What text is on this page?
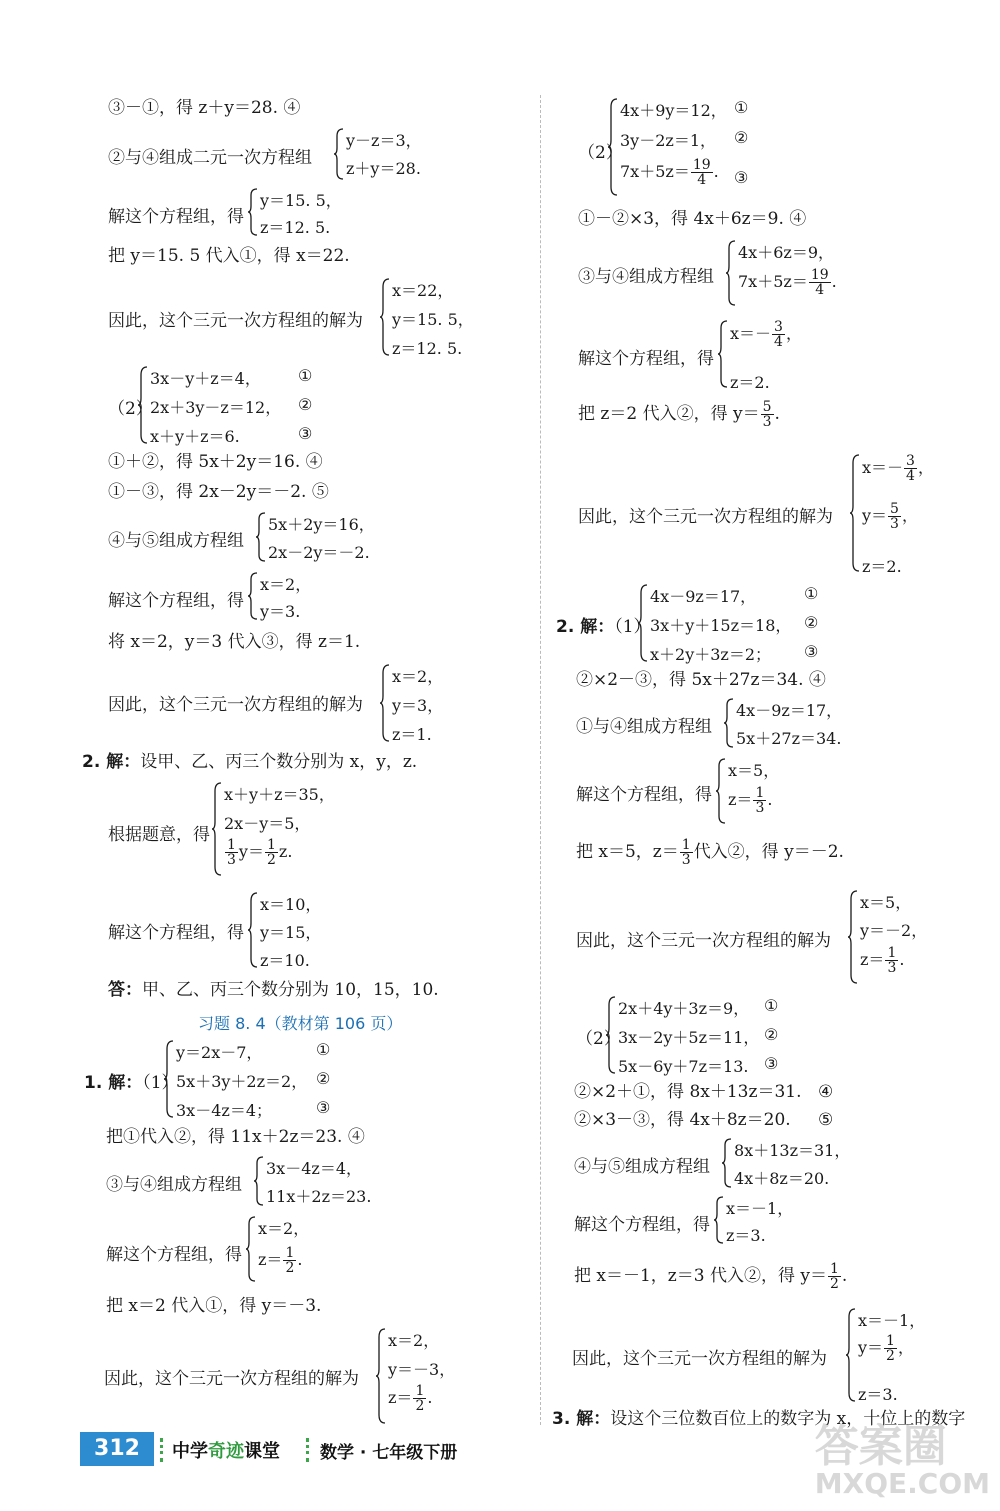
③－①，得 z＋y＝28. ④
②与④组成二元一次方程组
y－z＝3，
z＋y＝28.
解这个方程组，得
y＝15. 5，
z＝12. 5.
把 y＝15. 5 代入①，得 x＝22.
因此，这个三元一次方程组的解为
x＝22，
y＝15. 5，
z＝12. 5.
（2）
3x－y＋z＝4，
2x＋3y－z＝12，
x＋y＋z＝6.
①
②
③
①＋②，得 5x＋2y＝16. ④
①－③，得 2x－2y＝－2. ⑤
④与⑤组成方程组
5x＋2y＝16，
2x－2y＝－2.
解这个方程组，得
x＝2，
y＝3.
将 x＝2，y＝3 代入③，得 z＝1.
因此，这个三元一次方程组的解为
x＝2，
y＝3，
z＝1.
2. 解：设甲、乙、丙三个数分别为 x，y，z.
根据题意，得
x＋y＋z＝35，
2x－y＝5，
$\frac{1}{3} y= \frac{1}{2} z$.
解这个方程组，得
x＝10，
y＝15，
z＝10.
答：甲、乙、丙三个数分别为 10，15，10.
习题 8. 4（教材第 106 页）
1. 解：（1）
y＝2x－7，
5x＋3y＋2z＝2，
3x－4z＝4；
①
②
③
把①代入②，得 11x＋2z＝23. ④
③与④组成方程组
3x－4z＝4，
11x＋2z＝23.
解这个方程组，得
x＝2，
$z= \frac{1}{2}$ .
把 x＝2 代入①，得 y＝－3.
因此，这个三元一次方程组的解为
x＝2，
y＝－3，
$z= \frac{1}{2}$ .
（2）
4x＋9y＝12，
3y－2z＝1，
$7x+5z= \frac{19}{4}$ .
①
②
③
①－②×3，得 4x＋6z＝9. ④
③与④组成方程组
4x＋6z＝9，
$7x+5z= \frac{19}{4}$ .
解这个方程组，得
$x=- \frac{3}{4}$ ，
z＝2.
把 z＝2 代入②，得 $y= \frac{5}{3}$ .
因此，这个三元一次方程组的解为
$x=- \frac{3}{4}$ ，
$y= \frac{5}{3}$ ，
z＝2.
2. 解：（1）
4x－9z＝17，
3x＋y＋15z＝18，
x＋2y＋3z＝2；
①
②
③
②×2－③，得 5x＋27z＝34. ④
①与④组成方程组
4x－9z＝17，
5x＋27z＝34.
解这个方程组，得
x＝5，
$z= \frac{1}{3}$ .
把 x＝5，$z= \frac{1}{3}$ 代入②，得 y＝－2.
因此，这个三元一次方程组的解为
x＝5，
y＝－2，
$z= \frac{1}{3}$ .
（2）
2x＋4y＋3z＝9，
3x－2y＋5z＝11，
5x－6y＋7z＝13.
①
②
③
②×2＋①，得 8x＋13z＝31. ④
②×3－③，得 4x＋8z＝20. ⑤
④与⑤组成方程组
8x＋13z＝31，
4x＋8z＝20.
解这个方程组，得
x＝－1，
z＝3.
把 x＝－1，z＝3 代入②，得 $y= \frac{1}{2}$ .
因此，这个三元一次方程组的解为
x＝－1，
$y= \frac{1}{2}$ ，
z＝3.
3. 解：设这个三位数百位上的数字为 x，十位上的数字
312	中学奇迹课堂 数学 · 七年级下册	答案圈
MXQE.COM
